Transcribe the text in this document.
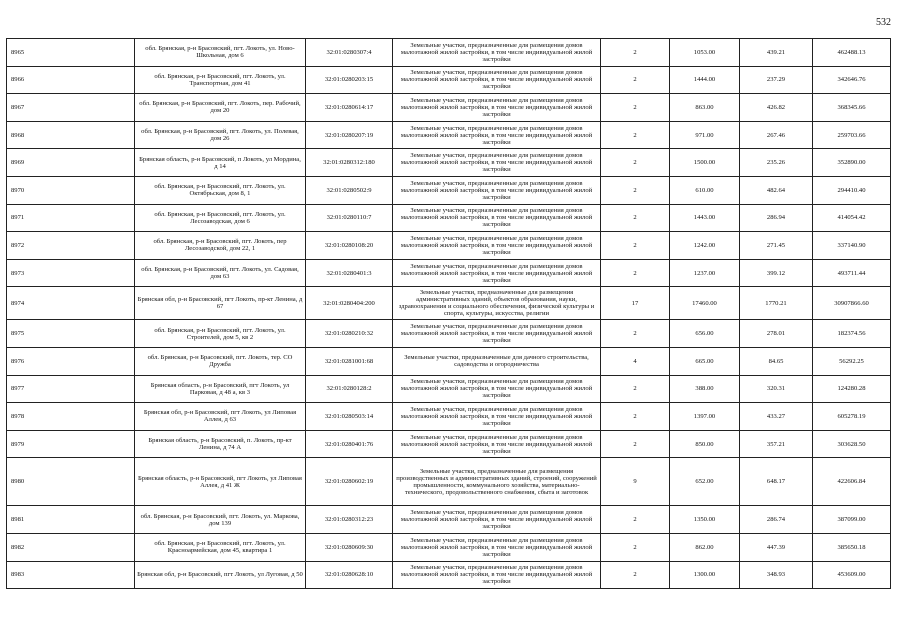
532
8965	обл. Брянская, р-н Брасовский, пгт. Локоть, ул. Ново-Школьная, дом 6	32:01:0280307:4	Земельные участки, предназначенные для размещения домов малоэтажной жилой застройки, в том числе индивидуальной жилой застройки	2	1053.00	439.21	462488.13
8966	обл. Брянская, р-н Брасовский, пгт. Локоть, ул. Транспортная, дом 41	32:01:0280203:15	Земельные участки, предназначенные для размещения домов малоэтажной жилой застройки, в том числе индивидуальной жилой застройки	2	1444.00	237.29	342646.76
8967	обл. Брянская, р-н Брасовский, пгт. Локоть, пер. Рабочий, дом 20	32:01:0280614:17	Земельные участки, предназначенные для размещения домов малоэтажной жилой застройки, в том числе индивидуальной жилой застройки	2	863.00	426.82	368345.66
8968	обл. Брянская, р-н Брасовский, пгт. Локоть, ул. Полевая, дом 26	32:01:0280207:19	Земельные участки, предназначенные для размещения домов малоэтажной жилой застройки, в том числе индивидуальной жилой застройки	2	971.00	267.46	259703.66
8969	Брянская область, р-н Брасовский, п Локоть, ул Мордина, д 14	32:01:0280312:180	Земельные участки, предназначенные для размещения домов малоэтажной жилой застройки, в том числе индивидуальной жилой застройки	2	1500.00	235.26	352890.00
8970	обл. Брянская, р-н Брасовский, пгт. Локоть, ул. Октябрьская, дом 8, 1	32:01:0280502:9	Земельные участки, предназначенные для размещения домов малоэтажной жилой застройки, в том числе индивидуальной жилой застройки	2	610.00	482.64	294410.40
8971	обл. Брянская, р-н Брасовский, пгт. Локоть, ул. Лесозаводская, дом 6	32:01:0280110:7	Земельные участки, предназначенные для размещения домов малоэтажной жилой застройки, в том числе индивидуальной жилой застройки	2	1443.00	286.94	414054.42
8972	обл. Брянская, р-н Брасовский, пгт. Локоть, пер Лесозаводской, дом 22, 1	32:01:0280108:20	Земельные участки, предназначенные для размещения домов малоэтажной жилой застройки, в том числе индивидуальной жилой застройки	2	1242.00	271.45	337140.90
8973	обл. Брянская, р-н Брасовский, пгт. Локоть, ул. Садовая, дом 63	32:01:0280401:3	Земельные участки, предназначенные для размещения домов малоэтажной жилой застройки, в том числе индивидуальной жилой застройки	2	1237.00	399.12	493711.44
8974	Брянская обл, р-н Брасовский, пгт Локоть, пр-кт Ленина, д 67	32:01:0280404:200	Земельные участки, предназначенные для размещения административных зданий, объектов образования, науки, здравоохранения и социального обеспечения, физической культуры и спорта, культуры, искусства, религии	17	17460.00	1770.21	30907866.60
8975	обл. Брянская, р-н Брасовский, пгт. Локоть, ул. Строителей, дом 5, кв 2	32:01:0280210:32	Земельные участки, предназначенные для размещения домов малоэтажной жилой застройки, в том числе индивидуальной жилой застройки	2	656.00	278.01	182374.56
8976	обл. Брянская, р-н Брасовский, пгт. Локоть, тер. СО Дружба	32:01:0281001:68	Земельные участки, предназначенные для дачного строительства, садоводства и огородничества	4	665.00	84.65	56292.25
8977	Брянская область, р-н Брасовский, пгт Локоть, ул Парковая, д 48 а, кв 3	32:01:0280128:2	Земельные участки, предназначенные для размещения домов малоэтажной жилой застройки, в том числе индивидуальной жилой застройки	2	388.00	320.31	124280.28
8978	Брянская обл, р-н Брасовский, пгт Локоть, ул Липовая Аллея, д 63	32:01:0280503:14	Земельные участки, предназначенные для размещения домов малоэтажной жилой застройки, в том числе индивидуальной жилой застройки	2	1397.00	433.27	605278.19
8979	Брянская область, р-н Брасовский, п. Локоть, пр-кт Ленина, д 74 А	32:01:0280401:76	Земельные участки, предназначенные для размещения домов малоэтажной жилой застройки, в том числе индивидуальной жилой застройки	2	850.00	357.21	303628.50
8980	Брянская область, р-н Брасовский, пгт Локоть, ул Липовая Аллея, д 41 Ж	32:01:0280602:19	Земельные участки, предназначенные для размещения производственных и административных зданий, строений, сооружений промышленности, коммунального хозяйства, материально-технического, продовольственного снабжения, сбыта и заготовок	9	652.00	648.17	422606.84
8981	обл. Брянская, р-н Брасовский, пгт. Локоть, ул. Маркова, дом 139	32:01:0280312:23	Земельные участки, предназначенные для размещения домов малоэтажной жилой застройки, в том числе индивидуальной жилой застройки	2	1350.00	286.74	387099.00
8982	обл. Брянская, р-н Брасовский, пгт. Локоть, ул. Красноармейская, дом 45, квартира 1	32:01:0280609:30	Земельные участки, предназначенные для размещения домов малоэтажной жилой застройки, в том числе индивидуальной жилой застройки	2	862.00	447.39	385650.18
8983	Брянская обл, р-н Брасовский, пгт Локоть, ул Луговая, д 50	32:01:0280628:10	Земельные участки, предназначенные для размещения домов малоэтажной жилой застройки, в том числе индивидуальной жилой застройки	2	1300.00	348.93	453609.00
